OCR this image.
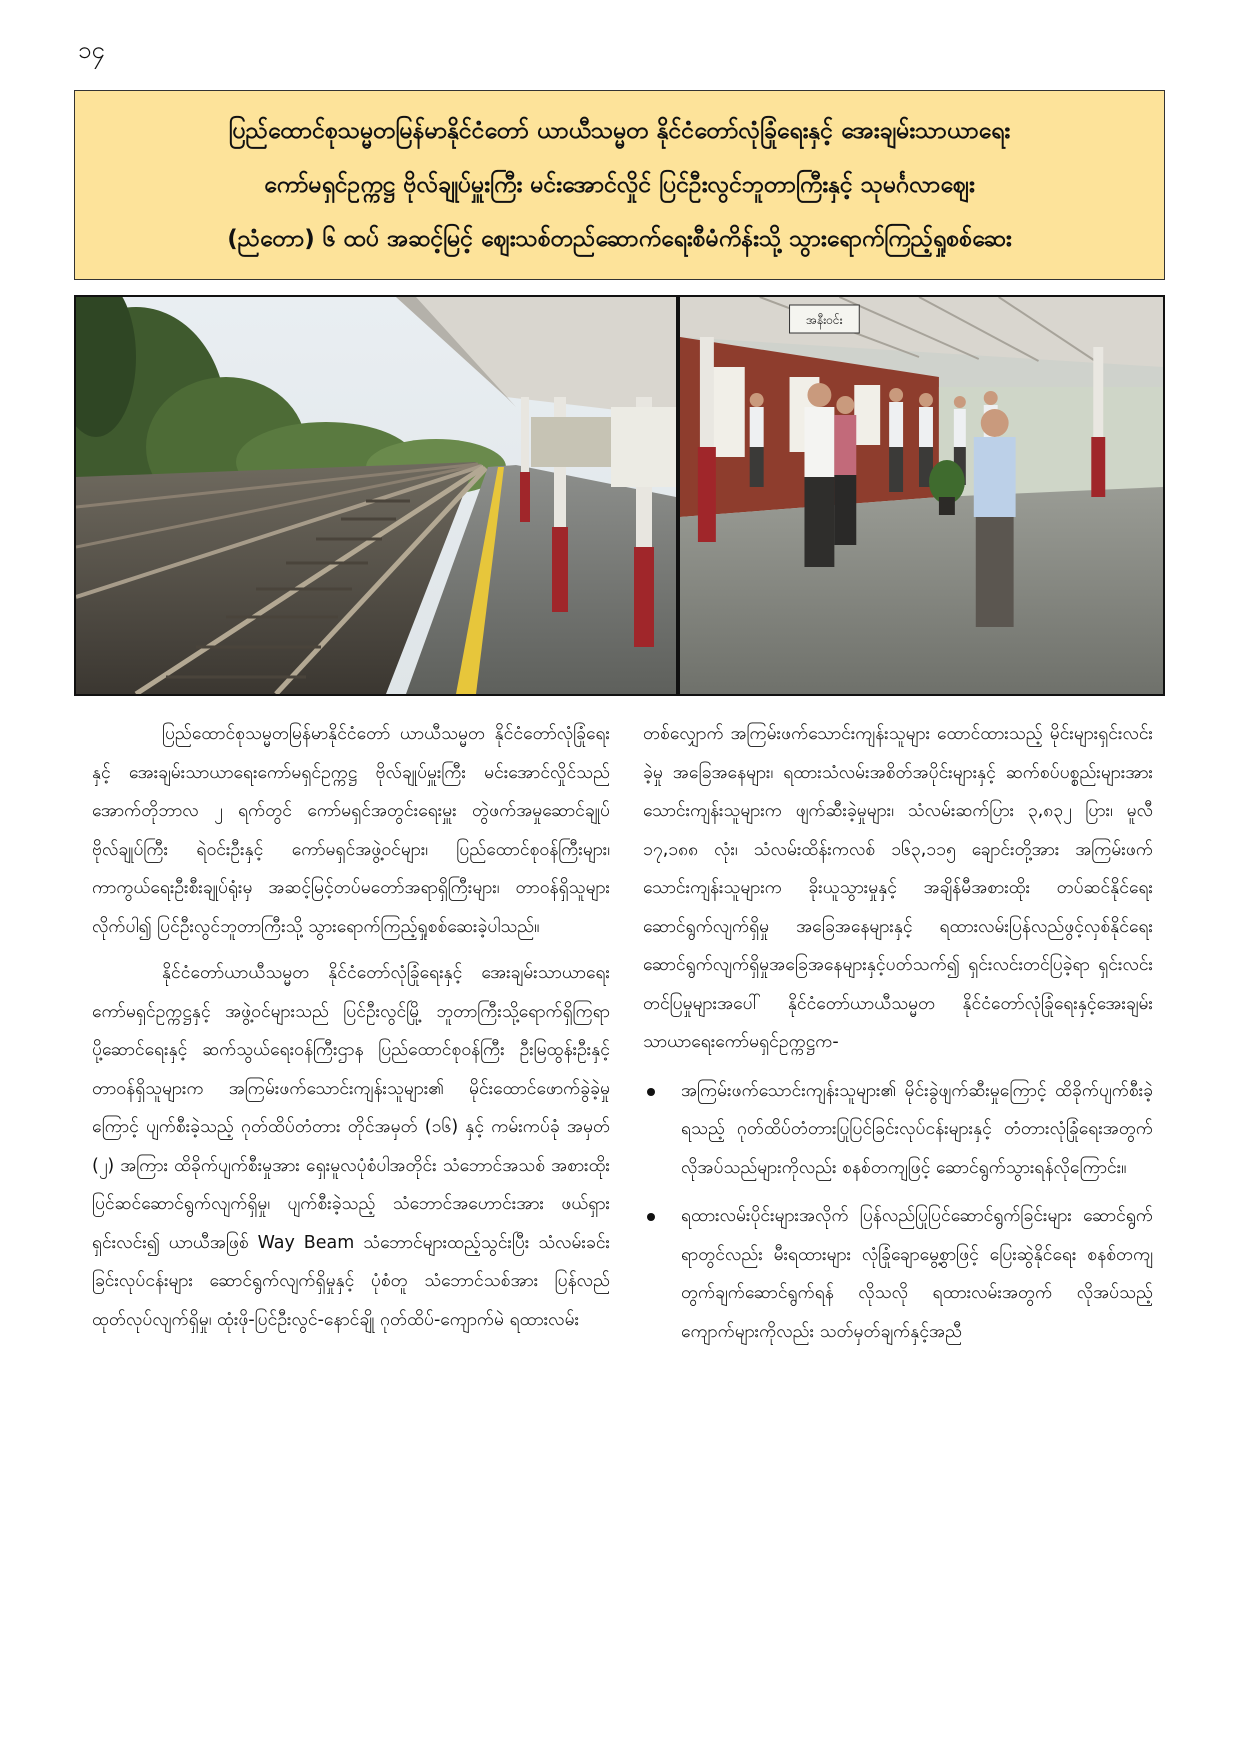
၁၄
ပြည်ထောင်စုသမ္မတမြန်မာနိုင်ငံတော် ယာယီသမ္မတ နိုင်ငံတော်လုံခြုံရေးနှင့် အေးချမ်းသာယာရေး
ကော်မရှင်ဥက္ကဋ္ဌ ဗိုလ်ချုပ်မှူးကြီး မင်းအောင်လှိုင် ပြင်ဦးလွင်ဘူတာကြီးနှင့် သုမင်္ဂလာဈေး
(ညံတော) ၆ ထပ် အဆင့်မြင့် ဈေးသစ်တည်ဆောက်ရေးစီမံကိန်းသို့ သွားရောက်ကြည့်ရှုစစ်ဆေး
အနီးဝင်း

ပြည်ထောင်စုသမ္မတမြန်မာနိုင်ငံတော် ယာယီသမ္မတ နိုင်ငံတော်လုံခြုံရေးနှင့် အေးချမ်းသာယာရေးကော်မရှင်ဥက္ကဋ္ဌ ဗိုလ်ချုပ်မှူးကြီး မင်းအောင်လှိုင်သည် အောက်တိုဘာလ ၂ ရက်တွင် ကော်မရှင်အတွင်းရေးမှူး တွဲဖက်အမှုဆောင်ချုပ် ဗိုလ်ချုပ်ကြီး ရဲဝင်းဦးနှင့် ကော်မရှင်အဖွဲ့ဝင်များ၊ ပြည်ထောင်စုဝန်ကြီးများ၊ ကာကွယ်ရေးဦးစီးချုပ်ရုံးမှ အဆင့်မြင့်တပ်မတော်အရာရှိကြီးများ၊ တာဝန်ရှိသူများလိုက်ပါ၍ ပြင်ဦးလွင်ဘူတာကြီးသို့ သွားရောက်ကြည့်ရှုစစ်ဆေးခဲ့ပါသည်။

နိုင်ငံတော်ယာယီသမ္မတ နိုင်ငံတော်လုံခြုံရေးနှင့် အေးချမ်းသာယာရေးကော်မရှင်ဥက္ကဋ္ဌနှင့် အဖွဲ့ဝင်များသည် ပြင်ဦးလွင်မြို့ ဘူတာကြီးသို့ရောက်ရှိကြရာ ပို့ဆောင်ရေးနှင့် ဆက်သွယ်ရေးဝန်ကြီးဌာန ပြည်ထောင်စုဝန်ကြီး ဦးမြထွန်းဦးနှင့် တာဝန်ရှိသူများက အကြမ်းဖက်သောင်းကျန်းသူများ၏ မိုင်းထောင်ဖောက်ခွဲခဲ့မှုကြောင့် ပျက်စီးခဲ့သည့် ဂုတ်ထိပ်တံတား တိုင်အမှတ် (၁၆) နှင့် ကမ်းကပ်ခုံ အမှတ် (၂) အကြား ထိခိုက်ပျက်စီးမှုအား ရှေးမူလပုံစံပါအတိုင်း သံဘောင်အသစ် အစားထိုးပြင်ဆင်ဆောင်ရွက်လျက်ရှိမှု၊ ပျက်စီးခဲ့သည့် သံဘောင်အဟောင်းအား ဖယ်ရှားရှင်းလင်း၍ ယာယီအဖြစ် Way Beam သံဘောင်များထည့်သွင်းပြီး သံလမ်းခင်းခြင်းလုပ်ငန်းများ ဆောင်ရွက်လျက်ရှိမှုနှင့် ပုံစံတူ သံဘောင်သစ်အား ပြန်လည်ထုတ်လုပ်လျက်ရှိမှု၊ ထုံးဖို-ပြင်ဦးလွင်-နောင်ချို ဂုတ်ထိပ်-ကျောက်မဲ ရထားလမ်း

တစ်လျှောက် အကြမ်းဖက်သောင်းကျန်းသူများ ထောင်ထားသည့် မိုင်းများရှင်းလင်းခဲ့မှု အခြေအနေများ၊ ရထားသံလမ်းအစိတ်အပိုင်းများနှင့် ဆက်စပ်ပစ္စည်းများအား သောင်းကျန်းသူများက ဖျက်ဆီးခဲ့မှုများ၊ သံလမ်းဆက်ပြား ၃,၈၃၂ ပြား၊ မူလီ ၁၇,၁၈၈ လုံး၊ သံလမ်းထိန်းကလစ် ၁၆၃,၁၁၅ ချောင်းတို့အား အကြမ်းဖက်သောင်းကျန်းသူများက ခိုးယူသွားမှုနှင့် အချိန်မီအစားထိုး တပ်ဆင်နိုင်ရေး ဆောင်ရွက်လျက်ရှိမှု အခြေအနေများနှင့် ရထားလမ်းပြန်လည်ဖွင့်လှစ်နိုင်ရေး ဆောင်ရွက်လျက်ရှိမှုအခြေအနေများနှင့်ပတ်သက်၍ ရှင်းလင်းတင်ပြခဲ့ရာ ရှင်းလင်းတင်ပြမှုများအပေါ် နိုင်ငံတော်ယာယီသမ္မတ နိုင်ငံတော်လုံခြုံရေးနှင့်အေးချမ်းသာယာရေးကော်မရှင်ဥက္ကဋ္ဌက-

အကြမ်းဖက်သောင်းကျန်းသူများ၏ မိုင်းခွဲဖျက်ဆီးမှုကြောင့် ထိခိုက်ပျက်စီးခဲ့ရသည့် ဂုတ်ထိပ်တံတားပြုပြင်ခြင်းလုပ်ငန်းများနှင့် တံတားလုံခြုံရေးအတွက် လိုအပ်သည်များကိုလည်း စနစ်တကျဖြင့် ဆောင်ရွက်သွားရန်လိုကြောင်း။
ရထားလမ်းပိုင်းများအလိုက် ပြန်လည်ပြုပြင်ဆောင်ရွက်ခြင်းများ ဆောင်ရွက်ရာတွင်လည်း မီးရထားများ လုံခြုံချောမွေ့စွာဖြင့် ပြေးဆွဲနိုင်ရေး စနစ်တကျ တွက်ချက်ဆောင်ရွက်ရန် လိုသလို ရထားလမ်းအတွက် လိုအပ်သည့် ကျောက်များကိုလည်း သတ်မှတ်ချက်နှင့်အညီ
